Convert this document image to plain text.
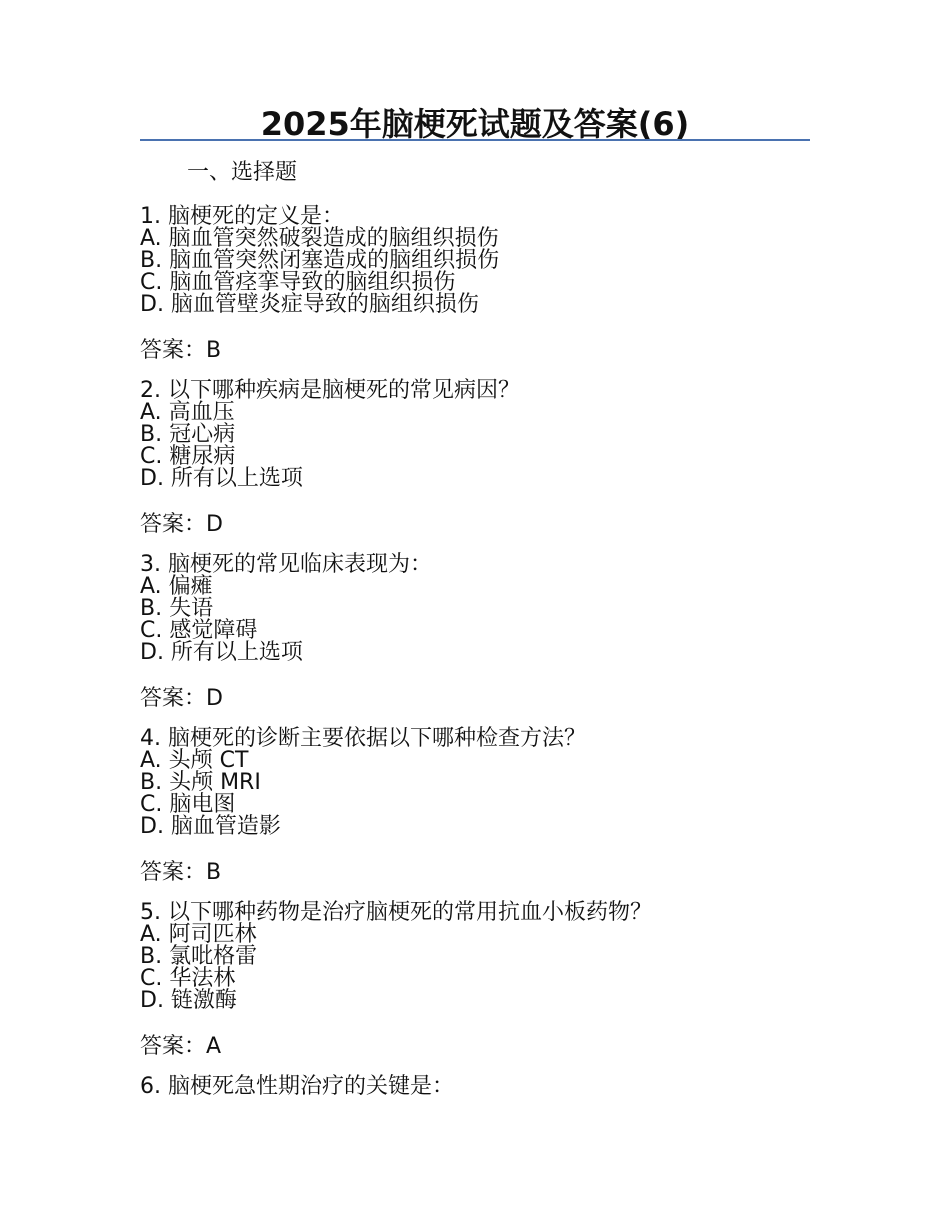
2025年脑梗死试题及答案(6)

一、选择题

1. 脑梗死的定义是：
A. 脑血管突然破裂造成的脑组织损伤
B. 脑血管突然闭塞造成的脑组织损伤
C. 脑血管痉挛导致的脑组织损伤
D. 脑血管壁炎症导致的脑组织损伤
答案：B
2. 以下哪种疾病是脑梗死的常见病因？
A. 高血压
B. 冠心病
C. 糖尿病
D. 所有以上选项
答案：D
3. 脑梗死的常见临床表现为：
A. 偏瘫
B. 失语
C. 感觉障碍
D. 所有以上选项
答案：D
4. 脑梗死的诊断主要依据以下哪种检查方法？
A. 头颅 CT
B. 头颅 MRI
C. 脑电图
D. 脑血管造影
答案：B
5. 以下哪种药物是治疗脑梗死的常用抗血小板药物？
A. 阿司匹林
B. 氯吡格雷
C. 华法林
D. 链激酶
答案：A
6. 脑梗死急性期治疗的关键是：
